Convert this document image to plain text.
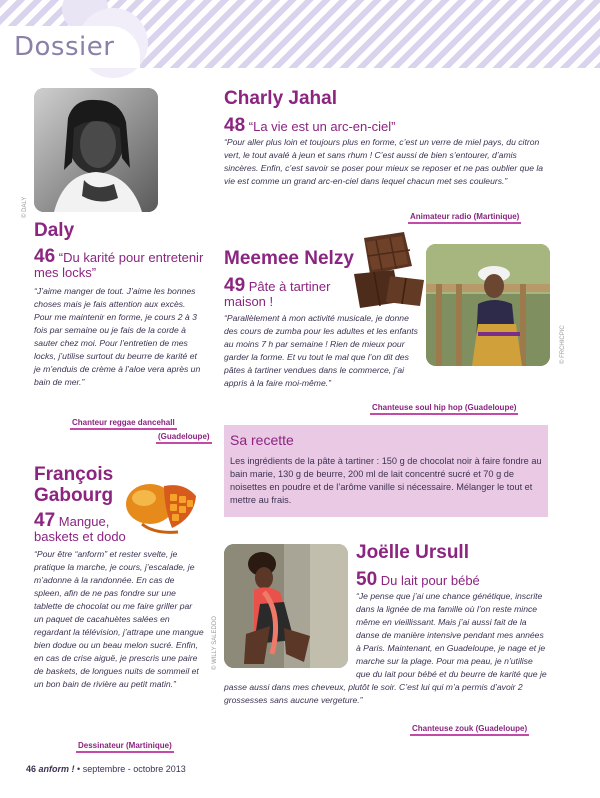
Dossier
© DALY
Daly
46 “Du karité pour entretenir mes locks”
“J’aime manger de tout. J’aime les bonnes choses mais je fais attention aux excès. Pour me maintenir en forme, je cours 2 à 3 fois par semaine ou je fais de la corde à sauter chez moi. Pour l’entretien de mes locks, j’utilise surtout du beurre de karité et je m’enduis de crème à l’aloe vera après un bain de mer.”
Chanteur reggae dancehall
(Guadeloupe)
Charly Jahal
48 “La vie est un arc-en-ciel”
“Pour aller plus loin et toujours plus en forme, c’est un verre de miel pays, du citron vert, le tout avalé à jeun et sans rhum ! C’est aussi de bien s’entourer, d’amis sincères. Enfin, c’est savoir se poser pour mieux se reposer et ne pas oublier que la vie est comme un grand arc-en-ciel dans lequel chacun met ses couleurs.”
Animateur radio (Martinique)
Meemee Nelzy
49 Pâte à tartiner maison !
© FRCHICPIC
“Parallèlement à mon activité musicale, je donne des cours de zumba pour les adultes et les enfants au moins 7 h par semaine ! Rien de mieux pour garder la forme. Et vu tout le mal que l’on dit des pâtes à tartiner vendues dans le commerce, j’ai appris à la faire moi-même.”
Chanteuse soul hip hop (Guadeloupe)
Sa recette
Les ingrédients de la pâte à tartiner : 150 g de chocolat noir à faire fondre au bain marie, 130 g de beurre, 200 ml de lait concentré sucré et 70 g de noisettes en poudre et de l’arôme vanille si nécessaire. Mélanger le tout et mettre au frais.
François
Gabourg
47 Mangue, baskets et dodo
“Pour être “anform” et rester svelte, je pratique la marche, je cours, j’escalade, je m’adonne à la randonnée. En cas de spleen, afin de ne pas fondre sur une tablette de chocolat ou me faire griller par un paquet de cacahuètes salées en regardant la télévision, j’attrape une mangue bien dodue ou un beau melon sucré. Enfin, en cas de crise aiguë, je prescris une paire de baskets, de longues nuits de sommeil et un bon bain de rivière au petit matin.”
Dessinateur (Martinique)
© WILLY SALEDDO
Joëlle Ursull
50 Du lait pour bébé
“Je pense que j’ai une chance génétique, inscrite dans la lignée de ma famille où l’on reste mince même en vieillissant. Mais j’ai aussi fait de la danse de manière intensive pendant mes années à Paris. Maintenant, en Guadeloupe, je nage et je marche sur la plage. Pour ma peau, je n’utilise que du lait pour bébé et du beurre de karité que je passe aussi dans mes cheveux, plutôt le soir. C’est lui qui m’a permis d’avoir 2 grossesses sans aucune vergeture.”
Chanteuse zouk (Guadeloupe)
46 anform ! • septembre - octobre 2013
